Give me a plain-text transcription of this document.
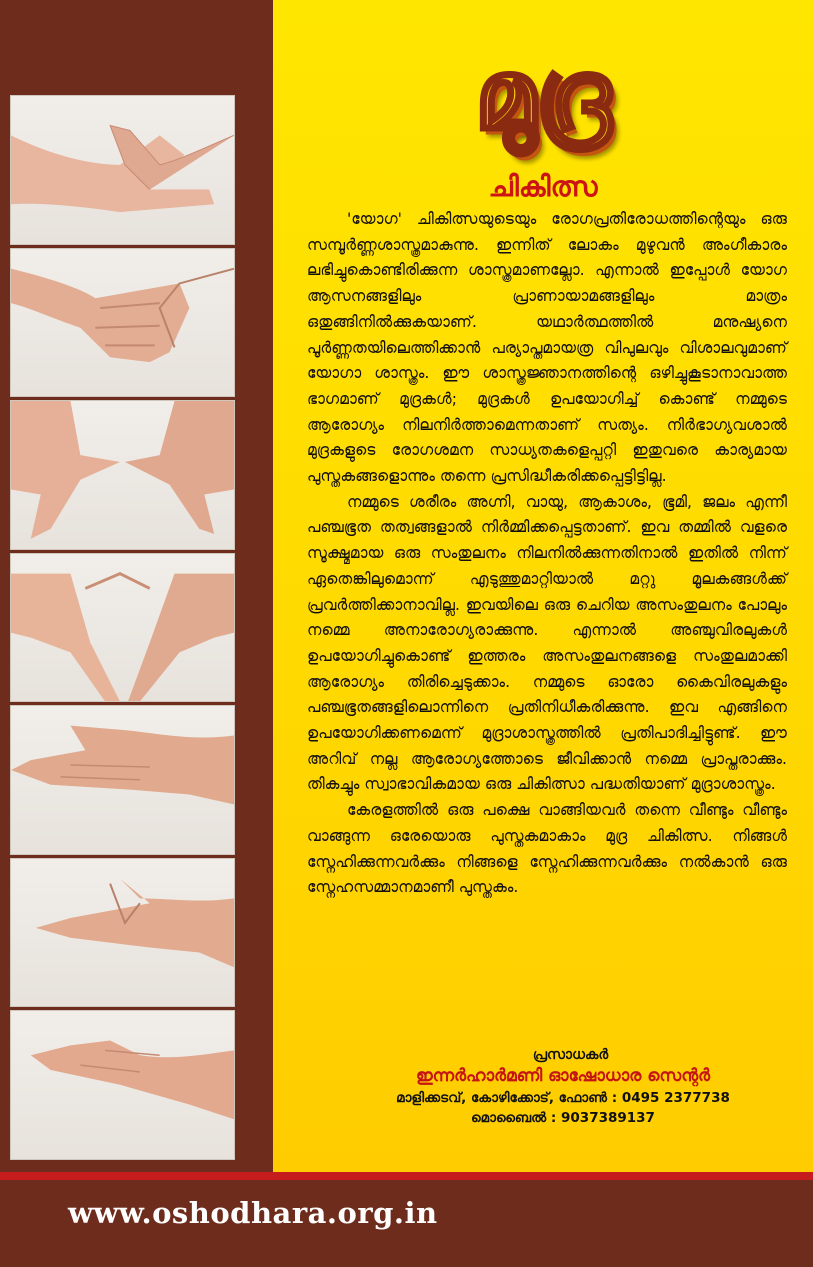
മുദ്ര
ചികിത്സ

'യോഗ' ചികിത്സയുടെയും രോഗപ്രതിരോധത്തിന്റെയും ഒരു സമ്പൂർണ്ണശാസ്ത്രമാകുന്നു. ഇന്നിത് ലോകം മുഴുവൻ അംഗീകാരം ലഭിച്ചുകൊണ്ടിരിക്കുന്ന ശാസ്ത്രമാണല്ലോ. എന്നാൽ ഇപ്പോൾ യോഗ ആസനങ്ങളിലും പ്രാണായാമങ്ങളിലും മാത്രം ഒതുങ്ങിനിൽക്കുകയാണ്. യഥാർത്ഥത്തിൽ മനുഷ്യനെ പൂർണ്ണതയിലെത്തിക്കാൻ പര്യാപ്തമായത്ര വിപുലവും വിശാലവുമാണ് യോഗാ ശാസ്ത്രം. ഈ ശാസ്ത്രജ്ഞാനത്തിന്റെ ഒഴിച്ചുകൂടാനാവാത്ത ഭാഗമാണ് മുദ്രകൾ; മുദ്രകൾ ഉപയോഗിച്ച് കൊണ്ട് നമ്മുടെ ആരോഗ്യം നിലനിർത്താമെന്നതാണ് സത്യം. നിർഭാഗ്യവശാൽ മുദ്രകളുടെ രോഗശമന സാധ്യതകളെപ്പറ്റി ഇതുവരെ കാര്യമായ പുസ്തകങ്ങളൊന്നും തന്നെ പ്രസിദ്ധീകരിക്കപ്പെട്ടിട്ടില്ല.

നമ്മുടെ ശരീരം അഗ്നി, വായു, ആകാശം, ഭൂമി, ജലം എന്നീ പഞ്ചഭൂത തത്വങ്ങളാൽ നിർമ്മിക്കപ്പെട്ടതാണ്. ഇവ തമ്മിൽ വളരെ സൂക്ഷ്മമായ ഒരു സംതുലനം നിലനിൽക്കുന്നതിനാൽ ഇതിൽ നിന്ന് ഏതെങ്കിലുമൊന്ന് എടുത്തുമാറ്റിയാൽ മറ്റു മൂലകങ്ങൾക്ക് പ്രവർത്തിക്കാനാവില്ല. ഇവയിലെ ഒരു ചെറിയ അസംതുലനം പോലും നമ്മെ അനാരോഗ്യരാക്കുന്നു. എന്നാൽ അഞ്ചുവിരലുകൾ ഉപയോഗിച്ചുകൊണ്ട് ഇത്തരം അസംതുലനങ്ങളെ സംതുലമാക്കി ആരോഗ്യം തിരിച്ചെടുക്കാം. നമ്മുടെ ഓരോ കൈവിരലുകളും പഞ്ചഭൂതങ്ങളിലൊന്നിനെ പ്രതിനിധീകരിക്കുന്നു. ഇവ എങ്ങിനെ ഉപയോഗിക്കണമെന്ന് മുദ്രാശാസ്ത്രത്തിൽ പ്രതിപാദിച്ചിട്ടുണ്ട്. ഈ അറിവ് നല്ല ആരോഗ്യത്തോടെ ജീവിക്കാൻ നമ്മെ പ്രാപ്തരാക്കും. തികച്ചും സ്വാഭാവികമായ ഒരു ചികിത്സാ പദ്ധതിയാണ് മുദ്രാശാസ്ത്രം.

കേരളത്തിൽ ഒരു പക്ഷെ വാങ്ങിയവർ തന്നെ വീണ്ടും വീണ്ടും വാങ്ങുന്ന ഒരേയൊരു പുസ്തകമാകാം മുദ്ര ചികിത്സ. നിങ്ങൾ സ്നേഹിക്കുന്നവർക്കും നിങ്ങളെ സ്നേഹിക്കുന്നവർക്കും നൽകാൻ ഒരു സ്നേഹസമ്മാനമാണീ പുസ്തകം.

പ്രസാധകർ
ഇന്നർഹാർമണി ഓഷോധാര സെന്റർ
മാളിക്കടവ്, കോഴിക്കോട്, ഫോൺ : 0495 2377738
മൊബൈൽ : 9037389137
www.oshodhara.org.in
